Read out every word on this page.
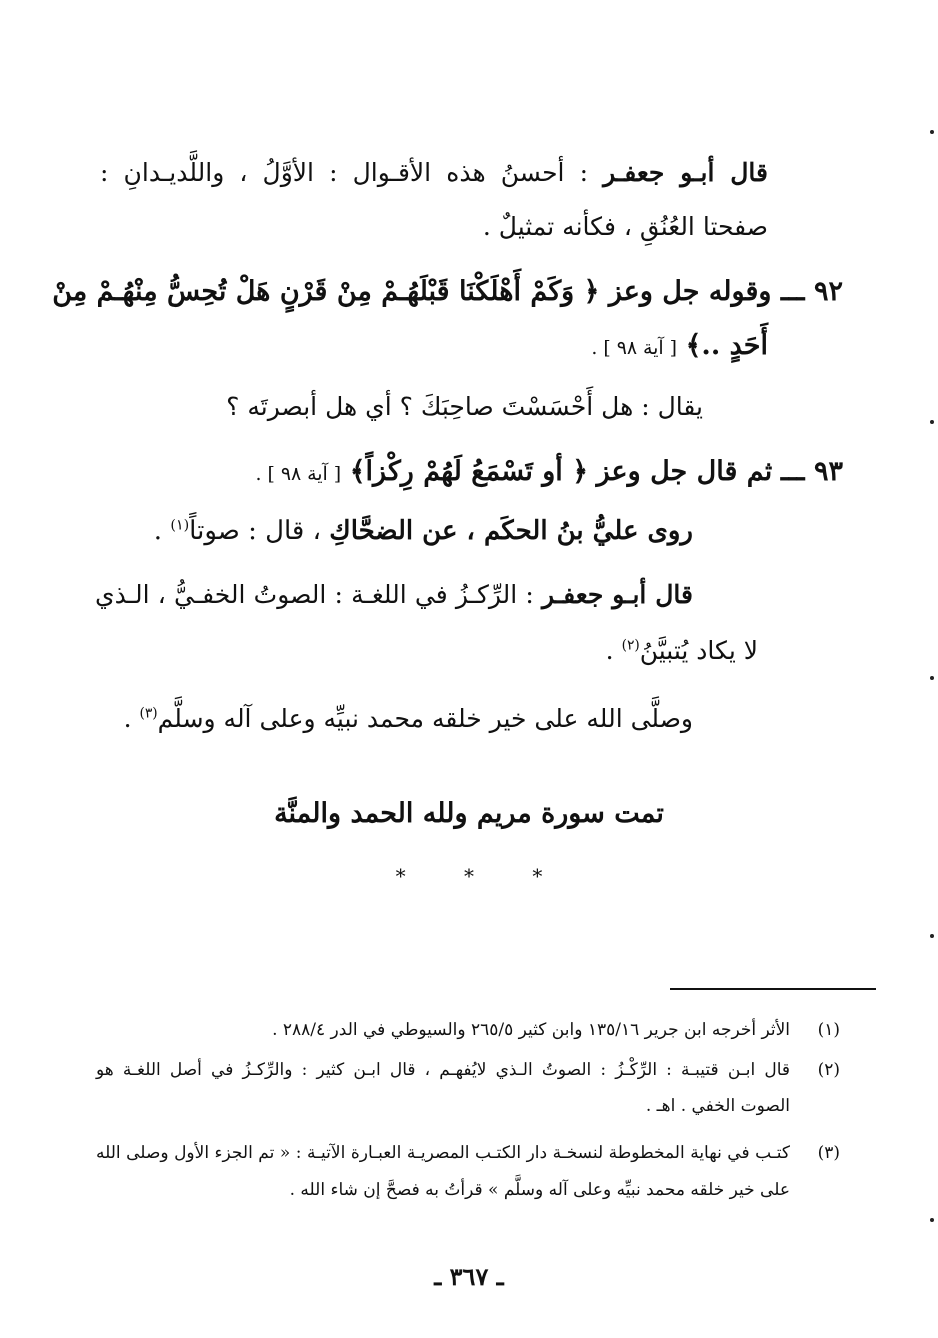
قال أبـو جعفـر : أحسنُ هذه الأقـوال : الأوَّلُ ، واللَّديـدانِ :
صفحتا العُنُقِ ، فكأنه تمثيلٌ .
٩٢ ـــ وقوله جل وعز ﴿ وَكَمْ أَهْلَكْنَا قَبْلَهُـمْ مِنْ قَرْنٍ هَلْ تُحِسُّ مِنْهُـمْ مِنْ
أَحَدٍ ..﴾ [ آية ٩٨ ] .
يقال : هل أَحْسَسْتَ صاحِبَكَ ؟ أي هل أبصرتَه ؟
٩٣ ـــ ثم قال جل وعز ﴿ أو تَسْمَعُ لَهُمْ رِكْزاً﴾ [ آية ٩٨ ] .
روى عليُّ بنُ الحكَم ، عن الضحَّاكِ ، قال : صوتاً$^{(١)}$ .
قال أبـو جعفـر : الرِّكـزُ في اللغـة : الصوتُ الخفـيُّ ، الـذي
لا يكاد يُتبيَّنُ$^{(٢)}$ .
وصلَّى الله على خير خلقه محمد نبيِّه وعلى آله وسلَّم$^{(٣)}$ .
تمت سورة مريم ولله الحمد والمنَّة
* * *
(١)
الأثر أخرجه ابن جرير ١٣٥/١٦ وابن كثير ٢٦٥/٥ والسيوطي في الدر ٢٨٨/٤ .
(٢)
قال ابـن قتيبـة : الرِّكْـزُ : الصوتُ الـذي لايُفهـم ، قال ابـن كثير : والرِّكـزُ في أصل اللغـة هو
الصوت الخفي . اهـ .
(٣)
كتـب في نهاية المخطوطة لنسخـة دار الكتـب المصريـة العبـارة الآتيـة : « تم الجزء الأول وصلى الله
على خير خلقه محمد نبيِّه وعلى آله وسلَّم » قرأتُ به فصحَّ إن شاء الله .
ـ ٣٦٧ ـ
